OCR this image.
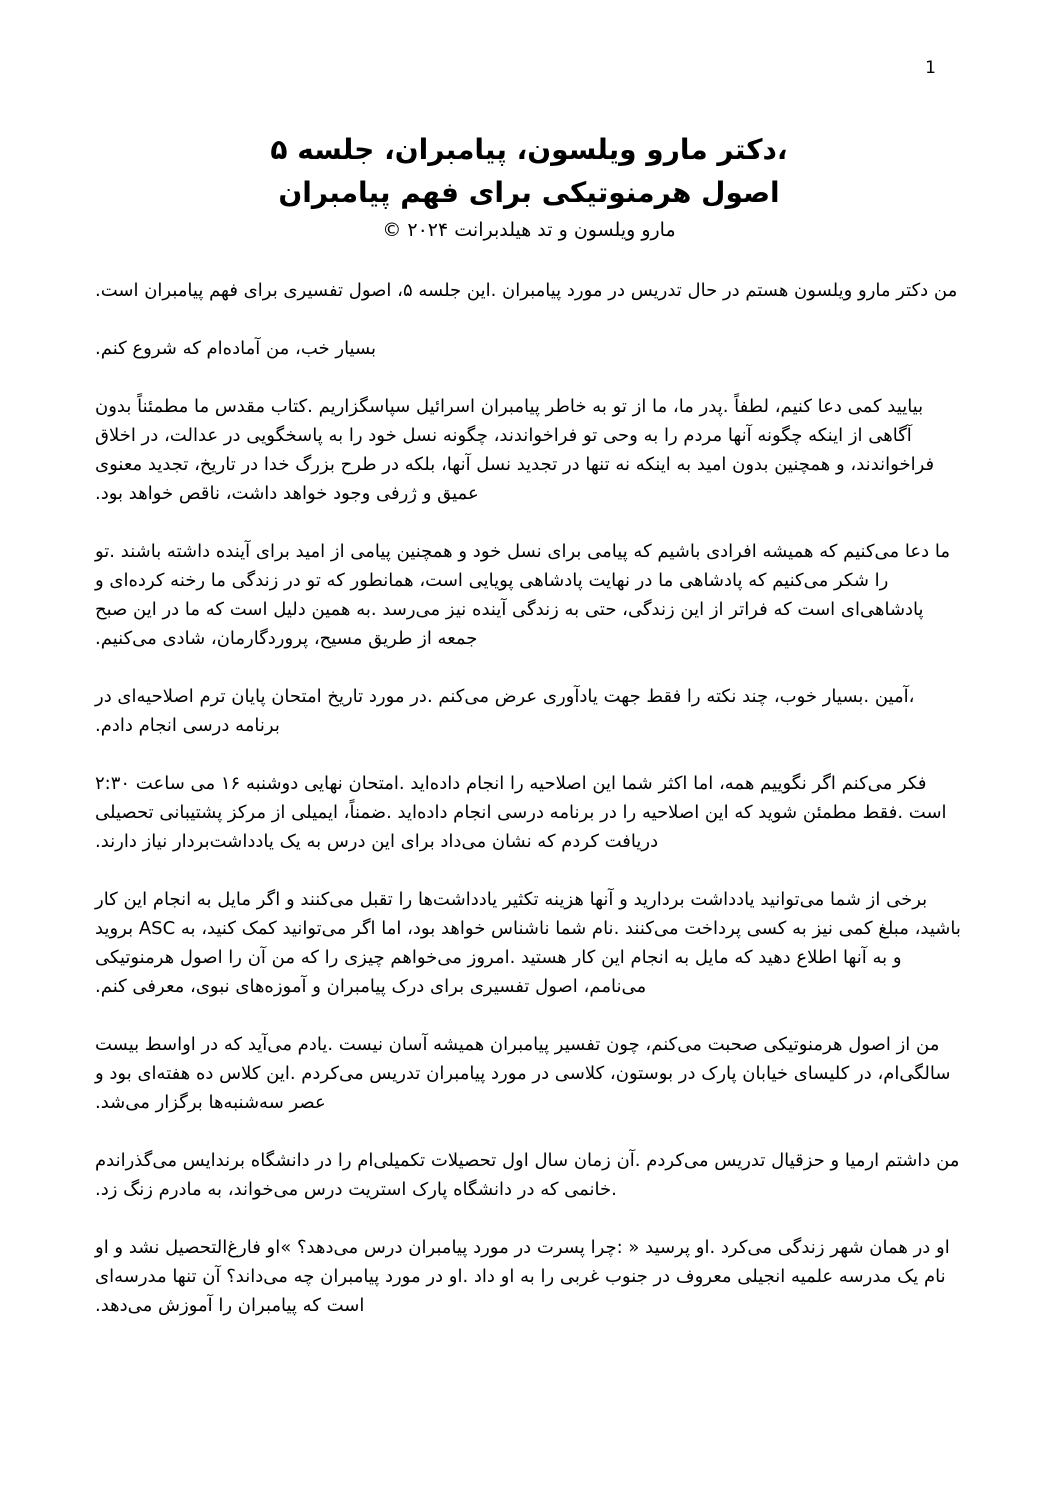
1
،دکتر مارو ویلسون، پیامبران، جلسه ۵
اصول هرمنوتیکی برای فهم پیامبران
مارو ویلسون و تد هیلدبرانت ۲۰۲۴ ©

من دکتر مارو ویلسون هستم در حال تدریس در مورد پیامبران .این جلسه ۵، اصول تفسیری برای فهم پیامبران است.

بسیار خب، من آماده‌ام که شروع کنم.

بیایید کمی دعا کنیم، لطفاً .پدر ما، ما از تو به خاطر پیامبران اسرائیل سپاسگزاریم .کتاب مقدس ما مطمئناً بدون آگاهی از اینکه چگونه آنها مردم را به وحی تو فراخواندند، چگونه نسل خود را به پاسخگویی در عدالت، در اخلاق فراخواندند، و همچنین بدون امید به اینکه نه تنها در تجدید نسل آنها، بلکه در طرح بزرگ خدا در تاریخ، تجدید معنوی عمیق و ژرفی وجود خواهد داشت، ناقص خواهد بود.

ما دعا می‌کنیم که همیشه افرادی باشیم که پیامی برای نسل خود و همچنین پیامی از امید برای آینده داشته باشند .تو را شکر می‌کنیم که پادشاهی ما در نهایت پادشاهی پویایی است، همانطور که تو در زندگی ما رخنه کرده‌ای و پادشاهی‌ای است که فراتر از این زندگی، حتی به زندگی آینده نیز می‌رسد .به همین دلیل است که ما در این صبح جمعه از طریق مسیح، پروردگارمان، شادی می‌کنیم.

،آمین .بسیار خوب، چند نکته را فقط جهت یادآوری عرض می‌کنم .در مورد تاریخ امتحان پایان ترم اصلاحیه‌ای در برنامه درسی انجام دادم.

فکر می‌کنم اگر نگوییم همه، اما اکثر شما این اصلاحیه را انجام داده‌اید .امتحان نهایی دوشنبه ۱۶ می ساعت ۲:۳۰ است .فقط مطمئن شوید که این اصلاحیه را در برنامه درسی انجام داده‌اید .ضمناً، ایمیلی از مرکز پشتیبانی تحصیلی دریافت کردم که نشان می‌داد برای این درس به یک یادداشت‌بردار نیاز دارند.

برخی از شما می‌توانید یادداشت بردارید و آنها هزینه تکثیر یادداشت‌ها را تقبل می‌کنند و اگر مایل به انجام این کار باشید، مبلغ کمی نیز به کسی پرداخت می‌کنند .نام شما ناشناس خواهد بود، اما اگر می‌توانید کمک کنید، به ASC بروید و به آنها اطلاع دهید که مایل به انجام این کار هستید .امروز می‌خواهم چیزی را که من آن را اصول هرمنوتیکی می‌نامم، اصول تفسیری برای درک پیامبران و آموزه‌های نبوی، معرفی کنم.

من از اصول هرمنوتیکی صحبت می‌کنم، چون تفسیر پیامبران همیشه آسان نیست .یادم می‌آید که در اواسط بیست سالگی‌ام، در کلیسای خیابان پارک در بوستون، کلاسی در مورد پیامبران تدریس می‌کردم .این کلاس ده هفته‌ای بود و عصر سه‌شنبه‌ها برگزار می‌شد.

من داشتم ارمیا و حزقیال تدریس می‌کردم .آن زمان سال اول تحصیلات تکمیلی‌ام را در دانشگاه برندایس می‌گذراندم .خانمی که در دانشگاه پارک استریت درس می‌خواند، به مادرم زنگ زد.

او در همان شهر زندگی می‌کرد .او پرسید « :چرا پسرت در مورد پیامبران درس می‌دهد؟ »او فارغ‌التحصیل نشد و او نام یک مدرسه علمیه انجیلی معروف در جنوب غربی را به او داد .او در مورد پیامبران چه می‌داند؟ آن تنها مدرسه‌ای است که پیامبران را آموزش می‌دهد.
